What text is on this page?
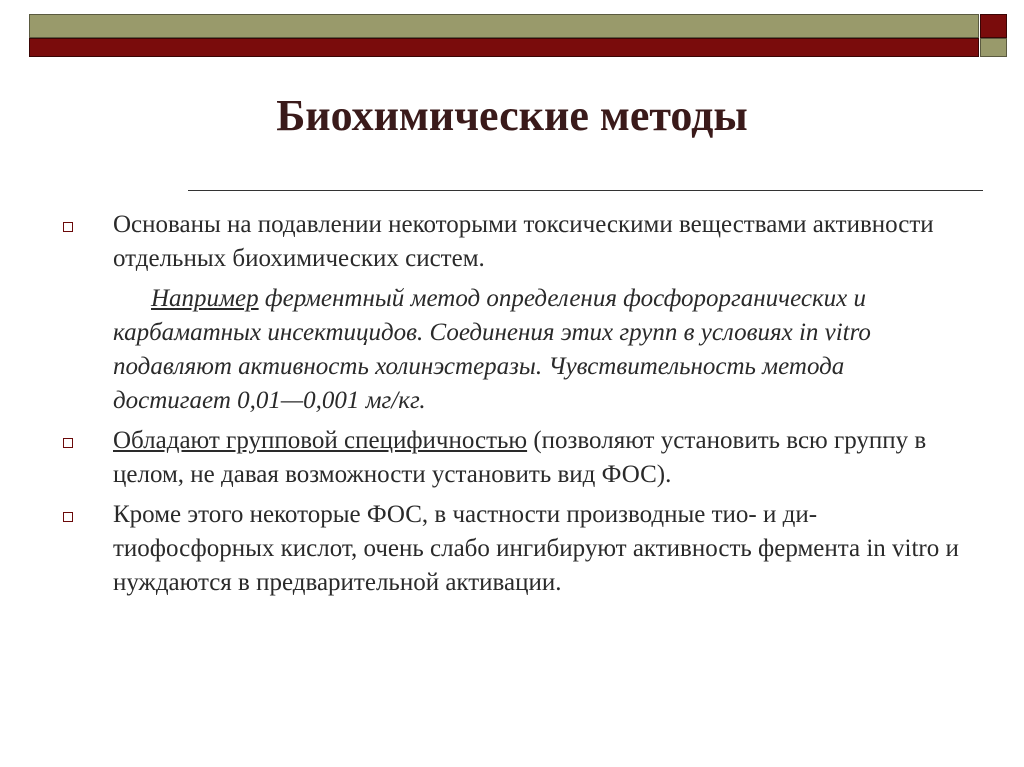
Биохимические методы
Основаны на подавлении некоторыми токсическими веществами активности отдельных биохимических систем.
Например ферментный метод определения фосфорорганических и карбаматных инсектицидов. Соединения этих групп в условиях in vitro подавляют активность холинэстеразы. Чувствительность метода достигает 0,01—0,001 мг/кг.
Обладают групповой специфичностью (позволяют установить всю группу в целом, не давая возможности установить вид ФОС).
Кроме этого некоторые ФОС, в частности производные тио- и ди-тиофосфорных кислот, очень слабо ингибируют активность фермента in vitro и нуждаются в предварительной активации.
